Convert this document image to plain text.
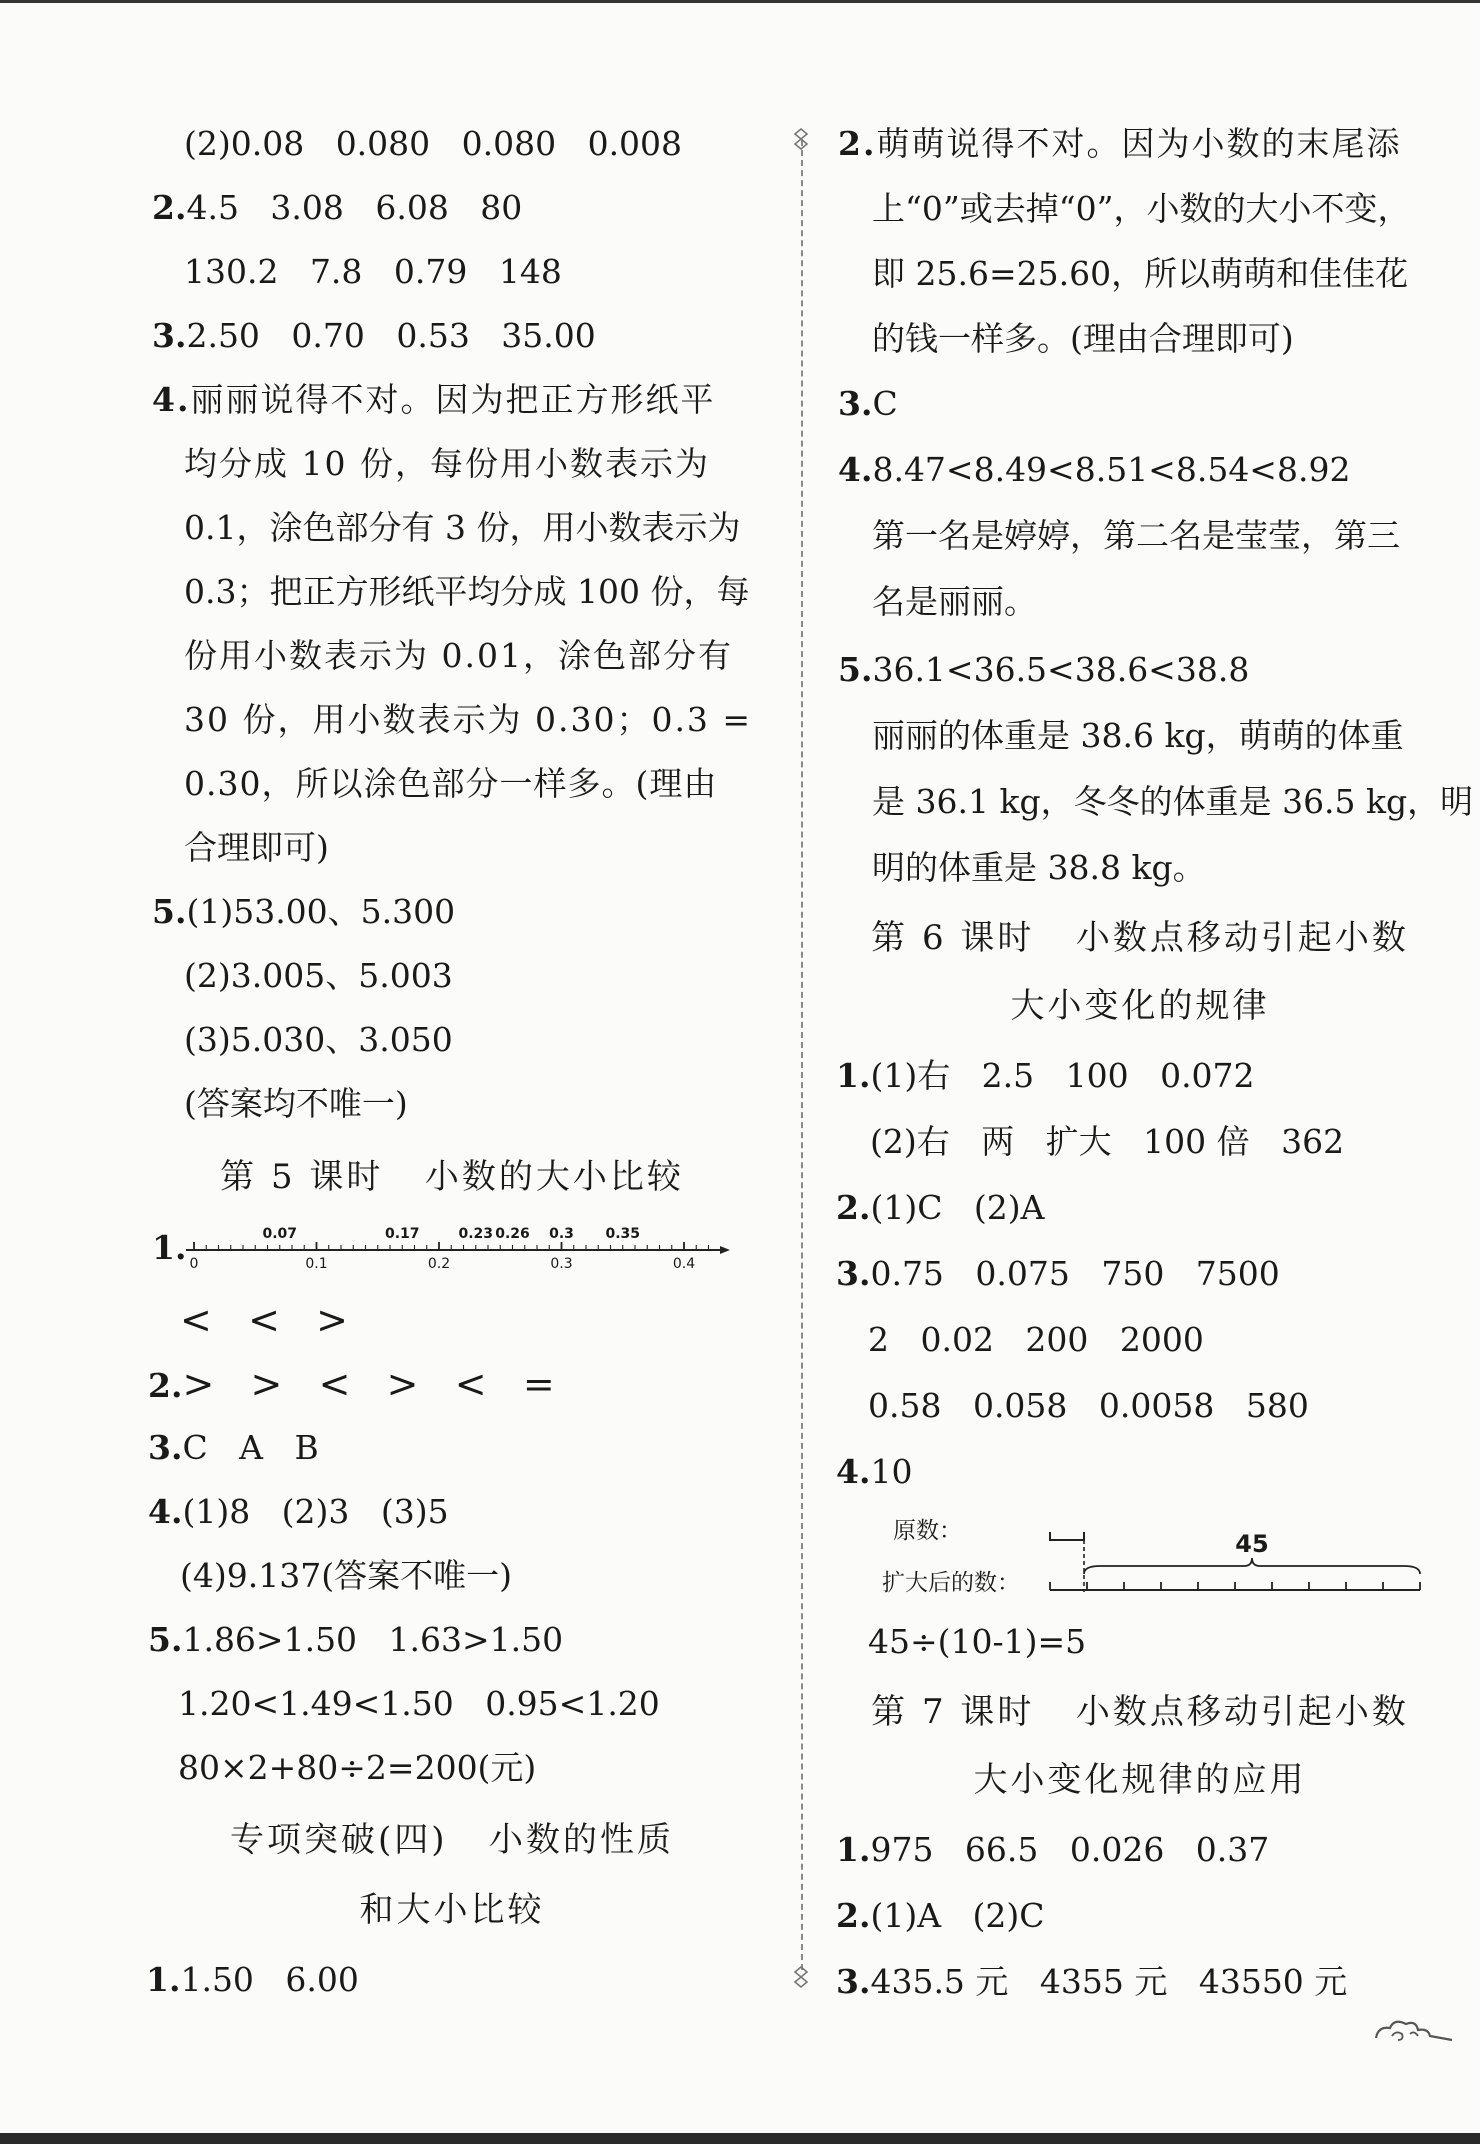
(2)0.08   0.080   0.080   0.008
2.4.5   3.08   6.08   80
130.2   7.8   0.79   148
3.2.50   0.70   0.53   35.00
4.丽丽说得不对。因为把正方形纸平
均分成 10 份，每份用小数表示为
0.1，涂色部分有 3 份，用小数表示为
0.3；把正方形纸平均分成 100 份，每
份用小数表示为 0.01，涂色部分有
30 份，用小数表示为 0.30；0.3 =
0.30，所以涂色部分一样多。(理由
合理即可)
5.(1)53.00、5.300
(2)3.005、5.003
(3)5.030、3.050
(答案均不唯一)
第 5 课时   小数的大小比较
1.	0.07	0.17	0.23 0.26 0.3 0.35
0	0.1	0.2	0.3	0.4
<   <   >
2.>   >   <   >   <   =
3.C   A   B
4.(1)8   (2)3   (3)5
(4)9.137(答案不唯一)
5.1.86>1.50   1.63>1.50
1.20<1.49<1.50   0.95<1.20
80×2+80÷2=200(元)
专项突破(四)   小数的性质
和大小比较
1.1.50   6.00
2.萌萌说得不对。因为小数的末尾添
上“0”或去掉“0”，小数的大小不变，
即 25.6=25.60，所以萌萌和佳佳花
的钱一样多。(理由合理即可)
3.C
4.8.47<8.49<8.51<8.54<8.92
第一名是婷婷，第二名是莹莹，第三
名是丽丽。
5.36.1<36.5<38.6<38.8
丽丽的体重是 38.6 kg，萌萌的体重
是 36.1 kg，冬冬的体重是 36.5 kg，明
明的体重是 38.8 kg。
第 6 课时   小数点移动引起小数
大小变化的规律
1.(1)右   2.5   100   0.072
(2)右   两   扩大   100 倍   362
2.(1)C   (2)A
3.0.75   0.075   750   7500
2   0.02   200   2000
0.58   0.058   0.0058   580
4.10
原数：
扩大后的数：
45
45÷(10-1)=5
第 7 课时   小数点移动引起小数
大小变化规律的应用
1.975   66.5   0.026   0.37
2.(1)A   (2)C
3.435.5 元   4355 元   43550 元
